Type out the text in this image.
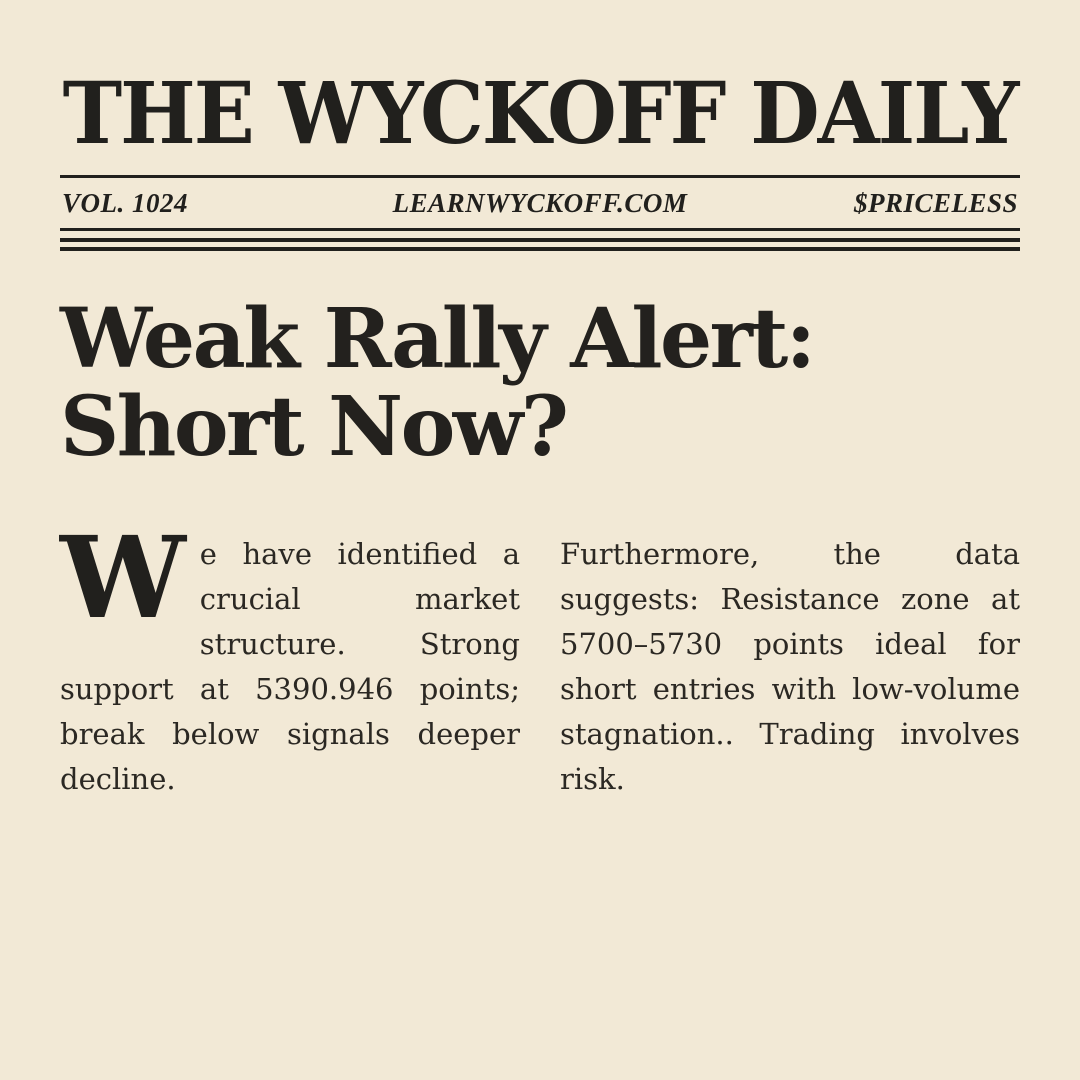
THE WYCKOFF DAILY
VOL. 1024	LEARNWYCKOFF.COM	$PRICELESS
Weak Rally Alert:
Short Now?

We have identified a crucial market structure. Strong support at 5390.946 points; break below signals deeper decline.

Furthermore, the data suggests: Resistance zone at 5700–5730 points ideal for short entries with low-volume stagnation.. Trading involves risk.
